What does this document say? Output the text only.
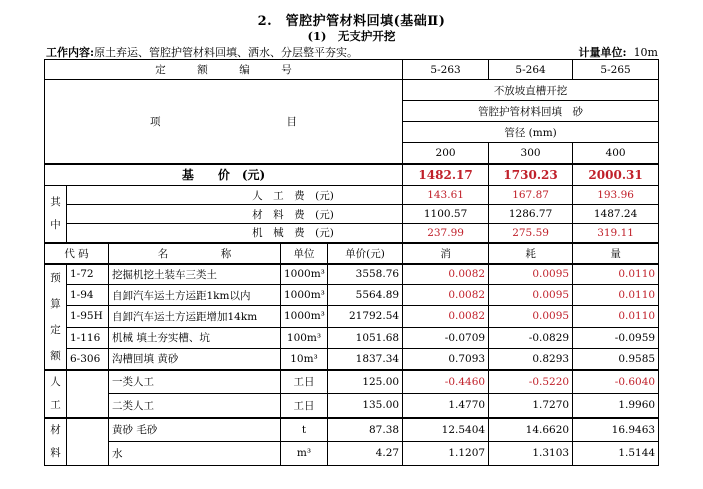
2.　管腔护管材料回填(基础Ⅱ)
(1)　无支护开挖
工作内容:原土弃运、管腔护管材料回填、洒水、分层整平夯实。	计量单位: 10m
定　　　额　　　编　　　号					5-263	5-264	5-265
项　　　　　　　　　　　　目					不放坡直槽开挖		
					管腔护管材料回填　砂		
					管径 (mm)		
					200	300	400
基　　价　(元)					1482.17	1730.23	2000.31
其
中	人　工　费　(元)				143.61	167.87	193.96
	材　料　费　(元)				1100.57	1286.77	1487.24
	机　械　费　(元)				237.99	275.59	319.11
代 码		名　　　　　称	单位	单价(元)	消	耗	量
预
算
定
额	1-72	挖掘机挖土装车三类土	1000m³	3558.76	0.0082	0.0095	0.0110
	1-94	自卸汽车运土方运距1km以内	1000m³	5564.89	0.0082	0.0095	0.0110
	1-95H	自卸汽车运土方运距增加14km	1000m³	21792.54	0.0082	0.0095	0.0110
	1-116	机械 填土夯实槽、坑	100m³	1051.68	-0.0709	-0.0829	-0.0959
	6-306	沟槽回填 黄砂	10m³	1837.34	0.7093	0.8293	0.9585
人
工		一类人工	工日	125.00	-0.4460	-0.5220	-0.6040
		二类人工	工日	135.00	1.4770	1.7270	1.9960
材
料		黄砂 毛砂	t	87.38	12.5404	14.6620	16.9463
		水	m³	4.27	1.1207	1.3103	1.5144
